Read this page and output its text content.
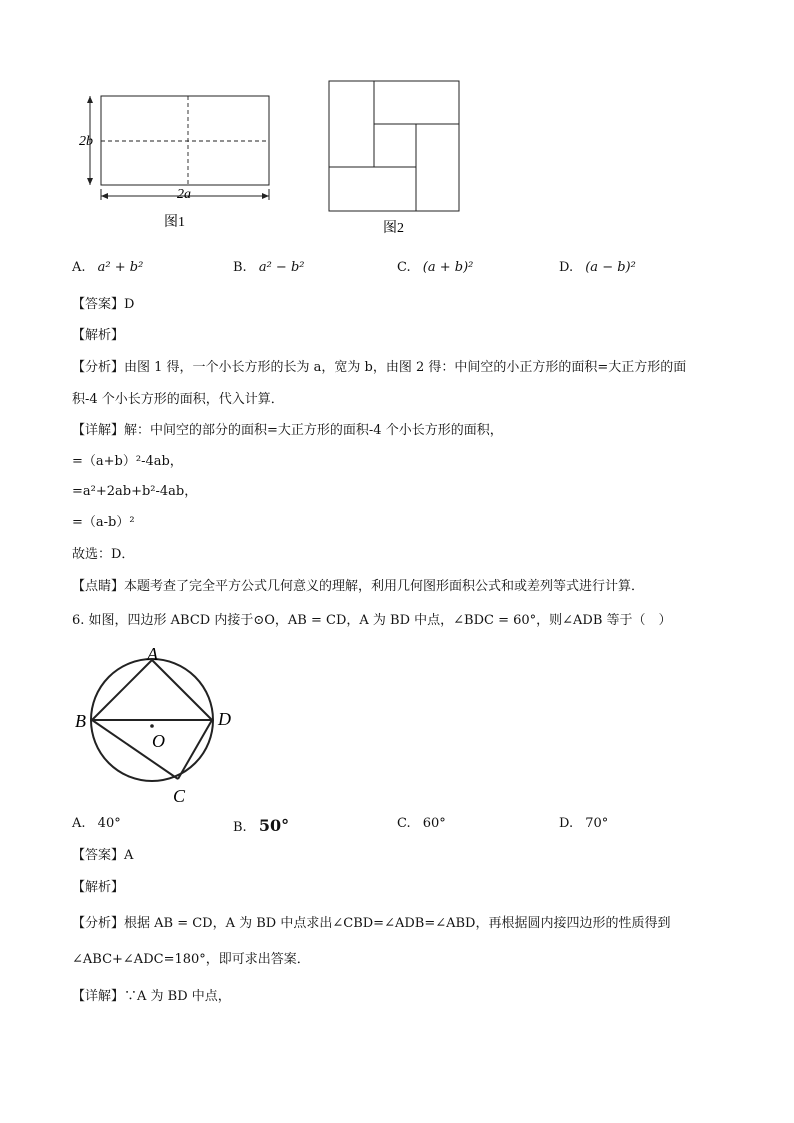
2b
2a
图1	图2
A. a² + b²	B. a² − b²	C. (a + b)²	D. (a − b)²
【答案】D
【解析】
【分析】由图 1 得，一个小长方形的长为 a，宽为 b，由图 2 得：中间空的小正方形的面积=大正方形的面
积-4 个小长方形的面积，代入计算．
【详解】解：中间空的部分的面积=大正方形的面积-4 个小长方形的面积，
=（a+b）²-4ab，
=a²+2ab+b²-4ab，
=（a-b）²
故选：D．
【点睛】本题考查了完全平方公式几何意义的理解，利用几何图形面积公式和或差列等式进行计算．
6. 如图，四边形 ABCD 内接于⊙O，AB = CD，A 为 BD 中点，∠BDC = 60°，则∠ADB 等于（　）
A
B	D
C
O
A. 40°	B. 50°	C. 60°	D. 70°
【答案】A
【解析】
【分析】根据 AB = CD，A 为 BD 中点求出∠CBD=∠ADB=∠ABD，再根据圆内接四边形的性质得到
∠ABC+∠ADC=180°，即可求出答案．
【详解】∵A 为 BD 中点，
